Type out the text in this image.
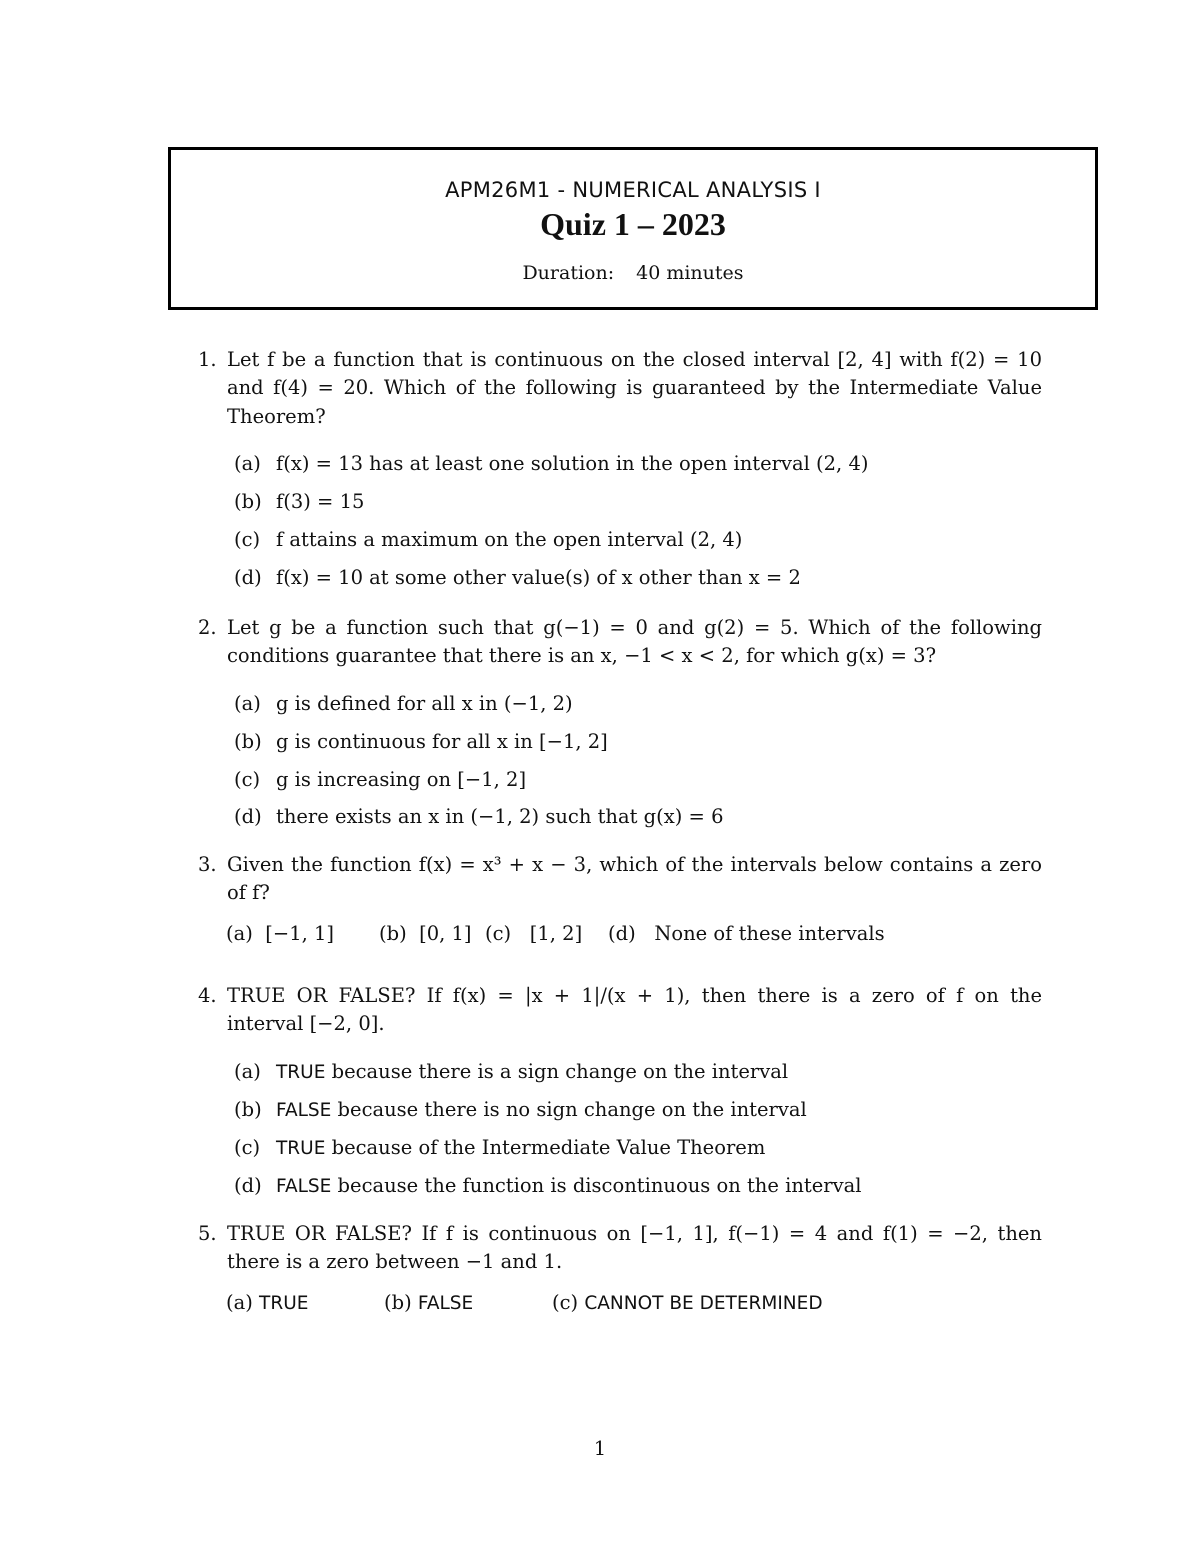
APM26M1 - NUMERICAL ANALYSIS I
Quiz 1 – 2023
Duration: 40 minutes
1. Let f be a function that is continuous on the closed interval [2, 4] with f(2) = 10
and f(4) = 20. Which of the following is guaranteed by the Intermediate Value
Theorem?
(a) f(x) = 13 has at least one solution in the open interval (2, 4)
(b) f(3) = 15
(c) f attains a maximum on the open interval (2, 4)
(d) f(x) = 10 at some other value(s) of x other than x = 2
2. Let g be a function such that g(−1) = 0 and g(2) = 5. Which of the following
conditions guarantee that there is an x, −1 < x < 2, for which g(x) = 3?
(a) g is defined for all x in (−1, 2)
(b) g is continuous for all x in [−1, 2]
(c) g is increasing on [−1, 2]
(d) there exists an x in (−1, 2) such that g(x) = 6
3. Given the function f(x) = x³ + x − 3, which of the intervals below contains a zero
of f?
(a) [−1, 1] (b) [0, 1] (c) [1, 2] (d) None of these intervals
4. TRUE OR FALSE? If f(x) = |x + 1|/(x + 1), then there is a zero of f on the
interval [−2, 0].
(a) TRUE because there is a sign change on the interval
(b) FALSE because there is no sign change on the interval
(c) TRUE because of the Intermediate Value Theorem
(d) FALSE because the function is discontinuous on the interval
5. TRUE OR FALSE? If f is continuous on [−1, 1], f(−1) = 4 and f(1) = −2, then
there is a zero between −1 and 1.
(a) TRUE	(b) FALSE	(c) CANNOT BE DETERMINED
1
